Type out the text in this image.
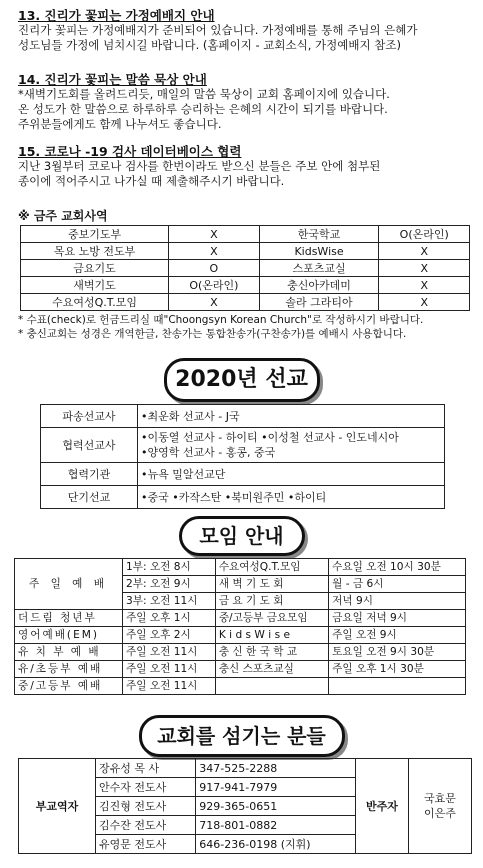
13. 진리가 꽃피는 가정예배지 안내

진리가 꽃피는 가정예배지가 준비되어 있습니다. 가정예배를 통해 주님의 은혜가
성도님들 가정에 넘치시길 바랍니다. (홈페이지 - 교회소식, 가정예배지 참조)

14. 진리가 꽃피는 말씀 묵상 안내

*새벽기도회를 올려드리듯, 매일의 말씀 묵상이 교회 홈페이지에 있습니다.
온 성도가 한 말씀으로 하루하루 승리하는 은혜의 시간이 되기를 바랍니다.
주위분들에게도 함께 나누셔도 좋습니다.

15. 코로나 -19 검사 데이터베이스 협력

지난 3월부터 코로나 검사를 한번이라도 받으신 분들은 주보 안에 첨부된
종이에 적어주시고 나가실 때 제출해주시기 바랍니다.

※ 금주 교회사역
중보기도부	X	한국학교	O(온라인)
목요 노방 전도부	X	KidsWise	X
금요기도	O	스포츠교실	X
새벽기도	O(온라인)	충신아카데미	X
수요여성Q.T.모임	X	솔라 그라티아	X
* 수표(check)로 헌금드리실 때"Choongsyn Korean Church"로 작성하시기 바랍니다.
* 충신교회는 성경은 개역한글, 찬송가는 통합찬송가(구찬송가)를 예배시 사용합니다.
2020년 선교
파송선교사	•최운화 선교사 - J국
협력선교사	•이동열 선교사 - 하이티 •이성철 선교사 - 인도네시아
•양영학 선교사 - 홍콩, 중국
협력기관	•뉴욕 밀알선교단
단기선교	•중국 •카작스탄 •북미원주민 •하이티
모임 안내
주 일 예 배	1부: 오전 8시	수요여성Q.T.모임	수요일 오전 10시 30분
	2부: 오전 9시	새 벽 기 도 회	월 - 금 6시
	3부: 오전 11시	금 요 기 도 회	저녁 9시
더드림 청년부	주일 오후 1시	중/고등부 금요모임	금요일 저녁 9시
영어예배(EM)	주일 오후 2시	K i d s W i s e	주일 오전 9시
유 치 부 예 배	주일 오전 11시	충 신 한 국 학 교	토요일 오전 9시 30분
유/초등부 예배	주일 오전 11시	충신 스포츠교실	주일 오후 1시 30분
중/고등부 예배	주일 오전 11시		
교회를 섬기는 분들
부교역자	장유성 목 사	347-525-2288	반주자	국효문
이은주

	안수자 전도사	917-941-7979		
	김진형 전도사	929-365-0651		
	김수잔 전도사	718-801-0882		
	유영문 전도사	646-236-0198 (지휘)		
